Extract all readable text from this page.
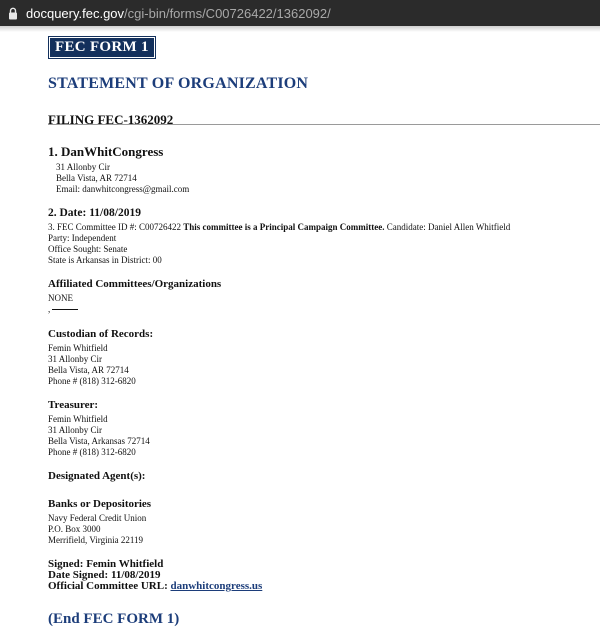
docquery.fec.gov /cgi-bin/forms/C00726422/1362092/
FEC FORM 1
STATEMENT OF ORGANIZATION
FILING FEC-1362092
1. DanWhitCongress
31 Allonby Cir
Bella Vista, AR 72714
Email: danwhitcongress@gmail.com
2. Date: 11/08/2019
3. FEC Committee ID #: C00726422 This committee is a Principal Campaign Committee. Candidate: Daniel Allen Whitfield
Party: Independent
Office Sought: Senate
State is Arkansas in District: 00
Affiliated Committees/Organizations
NONE
,
Custodian of Records:
Femin Whitfield
31 Allonby Cir
Bella Vista, AR 72714
Phone # (818) 312-6820
Treasurer:
Femin Whitfield
31 Allonby Cir
Bella Vista, Arkansas 72714
Phone # (818) 312-6820
Designated Agent(s):
Banks or Depositories
Navy Federal Credit Union
P.O. Box 3000
Merrifield, Virginia 22119
Signed: Femin Whitfield
Date Signed: 11/08/2019
Official Committee URL: danwhitcongress.us
(End FEC FORM 1)
